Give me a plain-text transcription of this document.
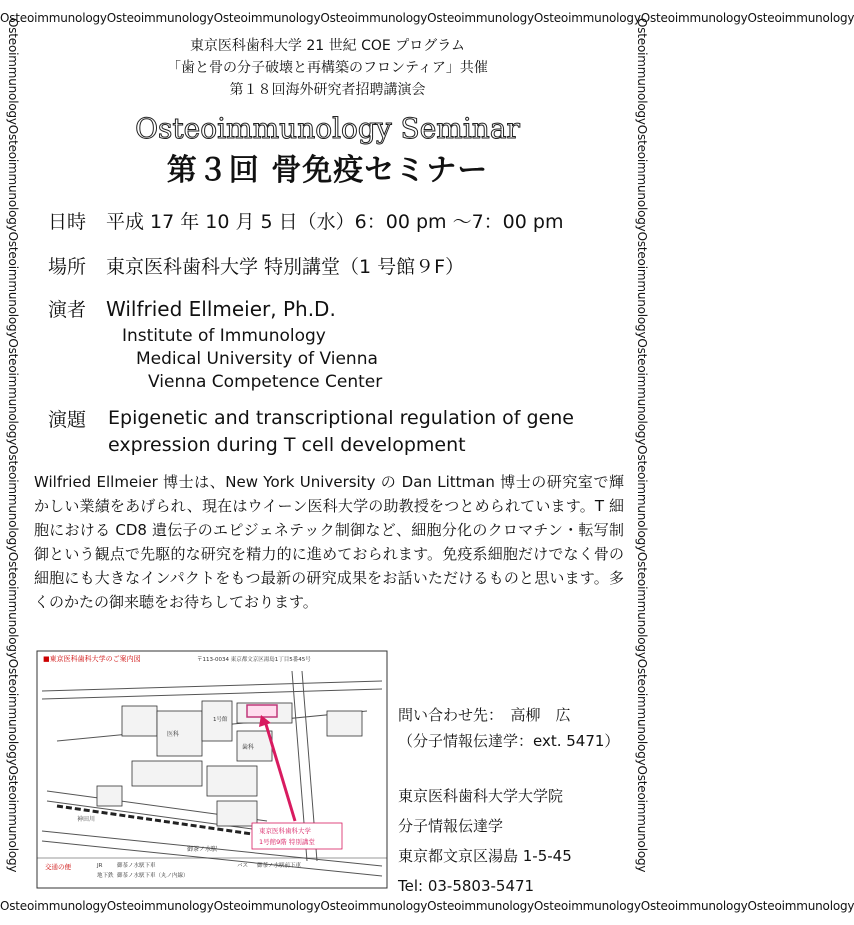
OsteoimmunologyOsteoimmunologyOsteoimmunologyOsteoimmunologyOsteoimmunologyOsteoimmunologyOsteoimmunologyOsteoimmunology
OsteoimmunologyOsteoimmunologyOsteoimmunologyOsteoimmunologyOsteoimmunologyOsteoimmunologyOsteoimmunologyOsteoimmunology
OsteoimmunologyOsteoimmunologyOsteoimmunologyOsteoimmunologyOsteoimmunologyOsteoimmunologyOsteoimmunologyOsteoimmunology	OsteoimmunologyOsteoimmunologyOsteoimmunologyOsteoimmunologyOsteoimmunologyOsteoimmunologyOsteoimmunologyOsteoimmunology
東京医科歯科大学 21 世紀 COE プログラム
「歯と骨の分子破壊と再構築のフロンティア」共催
第１８回海外研究者招聘講演会
Osteoimmunology Seminar
第３回 骨免疫セミナー
日時 平成 17 年 10 月 5 日（水）6：00 pm 〜7：00 pm
場所 東京医科歯科大学 特別講堂（1 号館９F）
演者 Wilfried Ellmeier, Ph.D.
Institute of Immunology
Medical University of Vienna
Vienna Competence Center
演題	Epigenetic and transcriptional regulation of gene
expression during T cell development
Wilfried Ellmeier 博士は、New York University の Dan Littman 博士の研究室で輝かしい業績をあげられ、現在はウイーン医科大学の助教授をつとめられています。T 細胞における CD8 遺伝子のエピジェネテック制御など、細胞分化のクロマチン・転写制御という観点で先駆的な研究を精力的に進めておられます。免疫系細胞だけでなく骨の細胞にも大きなインパクトをもつ最新の研究成果をお話いただけるものと思います。多くのかたの御来聴をお待ちしております。
■東京医科歯科大学のご案内図	〒113-0034 東京都文京区湯島1丁目5番45号
1号館
医科
歯科
神田川
御茶ノ水駅
東京医科歯科大学
1号館9階 特別講堂
交通の便	JR	御茶ノ水駅下車
地下鉄 御茶ノ水駅下車（丸ノ内線）
バス 御茶ノ水駅前下車
問い合わせ先：　高柳　広
（分子情報伝達学：ext. 5471）
東京医科歯科大学大学院
分子情報伝達学
東京都文京区湯島 1-5-45
Tel: 03-5803-5471
